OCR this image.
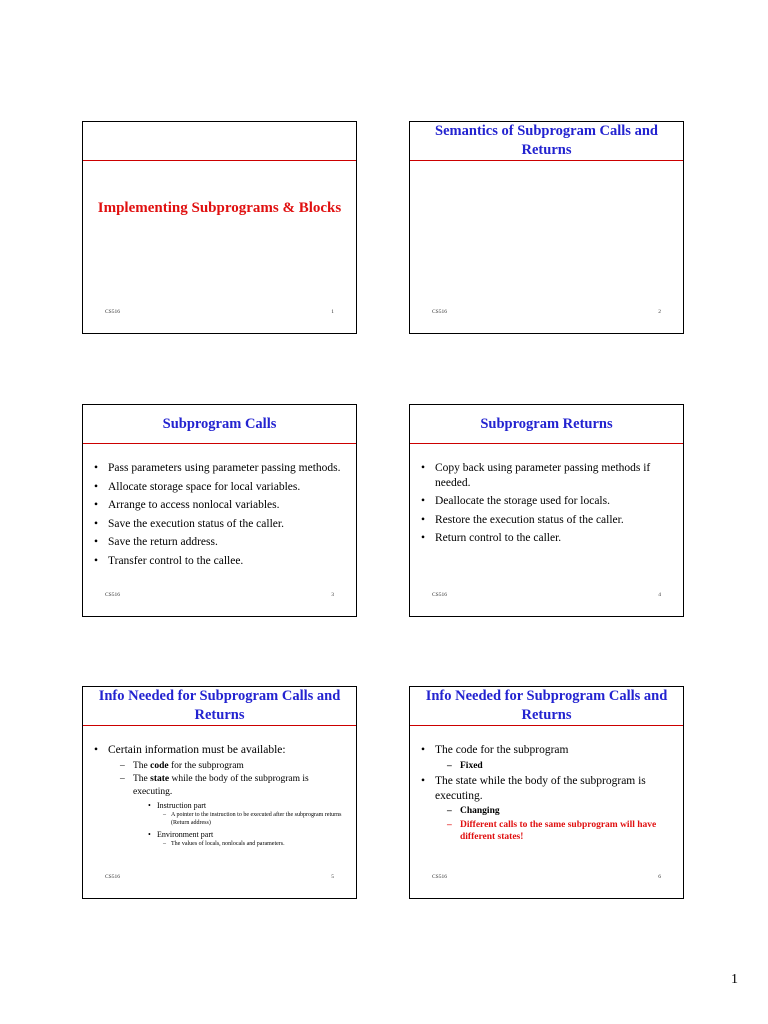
Implementing Subprograms & Blocks
CS516	1
Semantics of Subprogram Calls and Returns
CS516	2
Subprogram Calls
• Pass parameters using parameter passing methods.
• Allocate storage space for local variables.
• Arrange to access nonlocal variables.
• Save the execution status of the caller.
• Save the return address.
• Transfer control to the callee.
CS516	3
Subprogram Returns
• Copy back using parameter passing methods if needed.
• Deallocate the storage used for locals.
• Restore the execution status of the caller.
• Return control to the caller.
CS516	4
Info Needed for Subprogram Calls and Returns
• Certain information must be available:
– The code for the subprogram
– The state while the body of the subprogram is executing.
• Instruction part
– A pointer to the instruction to be executed after the subprogram returns (Return address)
• Environment part
– The values of locals, nonlocals and parameters.
CS516	5
Info Needed for Subprogram Calls and Returns
• The code for the subprogram
– Fixed
• The state while the body of the subprogram is executing.
– Changing
– Different calls to the same subprogram will have different states!
CS516	6
1
